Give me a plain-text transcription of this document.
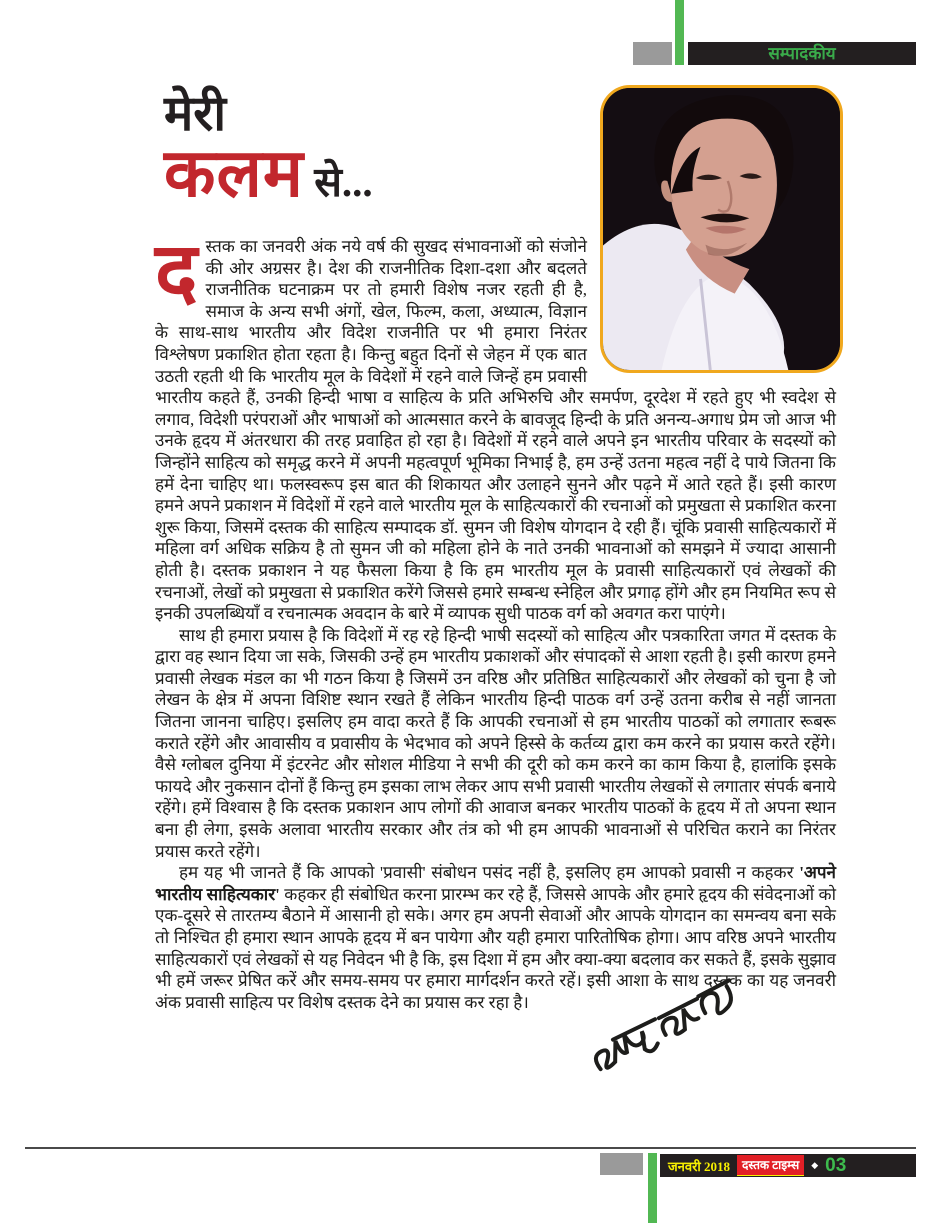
सम्पादकीय
मेरी
कलम से...

दस्तक का जनवरी अंक नये वर्ष की सुखद संभावनाओं को संजोने की ओर अग्रसर है। देश की राजनीतिक दिशा-दशा और बदलते राजनीतिक घटनाक्रम पर तो हमारी विशेष नजर रहती ही है, समाज के अन्य सभी अंगों, खेल, फिल्म, कला, अध्यात्म, विज्ञान के साथ-साथ भारतीय और विदेश राजनीति पर भी हमारा निरंतर विश्लेषण प्रकाशित होता रहता है। किन्तु बहुत दिनों से जेहन में एक बात उठती रहती थी कि भारतीय मूल के विदेशों में रहने वाले जिन्हें हम प्रवासी भारतीय कहते हैं, उनकी हिन्दी भाषा व साहित्य के प्रति अभिरुचि और समर्पण, दूरदेश में रहते हुए भी स्वदेश से लगाव, विदेशी परंपराओं और भाषाओं को आत्मसात करने के बावजूद हिन्दी के प्रति अनन्य-अगाध प्रेम जो आज भी उनके हृदय में अंतरधारा की तरह प्रवाहित हो रहा है। विदेशों में रहने वाले अपने इन भारतीय परिवार के सदस्यों को जिन्होंने साहित्य को समृद्ध करने में अपनी महत्वपूर्ण भूमिका निभाई है, हम उन्हें उतना महत्व नहीं दे पाये जितना कि हमें देना चाहिए था। फलस्वरूप इस बात की शिकायत और उलाहने सुनने और पढ़ने में आते रहते हैं। इसी कारण हमने अपने प्रकाशन में विदेशों में रहने वाले भारतीय मूल के साहित्यकारों की रचनाओं को प्रमुखता से प्रकाशित करना शुरू किया, जिसमें दस्तक की साहित्य सम्पादक डॉ. सुमन जी विशेष योगदान दे रही हैं। चूंकि प्रवासी साहित्यकारों में महिला वर्ग अधिक सक्रिय है तो सुमन जी को महिला होने के नाते उनकी भावनाओं को समझने में ज्यादा आसानी होती है। दस्तक प्रकाशन ने यह फैसला किया है कि हम भारतीय मूल के प्रवासी साहित्यकारों एवं लेखकों की रचनाओं, लेखों को प्रमुखता से प्रकाशित करेंगे जिससे हमारे सम्बन्ध स्नेहिल और प्रगाढ़ होंगे और हम नियमित रूप से इनकी उपलब्धियाँ व रचनात्मक अवदान के बारे में व्यापक सुधी पाठक वर्ग को अवगत करा पाएंगे।

साथ ही हमारा प्रयास है कि विदेशों में रह रहे हिन्दी भाषी सदस्यों को साहित्य और पत्रकारिता जगत में दस्तक के द्वारा वह स्थान दिया जा सके, जिसकी उन्हें हम भारतीय प्रकाशकों और संपादकों से आशा रहती है। इसी कारण हमने प्रवासी लेखक मंडल का भी गठन किया है जिसमें उन वरिष्ठ और प्रतिष्ठित साहित्यकारों और लेखकों को चुना है जो लेखन के क्षेत्र में अपना विशिष्ट स्थान रखते हैं लेकिन भारतीय हिन्दी पाठक वर्ग उन्हें उतना करीब से नहीं जानता जितना जानना चाहिए। इसलिए हम वादा करते हैं कि आपकी रचनाओं से हम भारतीय पाठकों को लगातार रूबरू कराते रहेंगे और आवासीय व प्रवासीय के भेदभाव को अपने हिस्से के कर्तव्य द्वारा कम करने का प्रयास करते रहेंगे। वैसे ग्लोबल दुनिया में इंटरनेट और सोशल मीडिया ने सभी की दूरी को कम करने का काम किया है, हालांकि इसके फायदे और नुकसान दोनों हैं किन्तु हम इसका लाभ लेकर आप सभी प्रवासी भारतीय लेखकों से लगातार संपर्क बनाये रहेंगे। हमें विश्वास है कि दस्तक प्रकाशन आप लोगों की आवाज बनकर भारतीय पाठकों के हृदय में तो अपना स्थान बना ही लेगा, इसके अलावा भारतीय सरकार और तंत्र को भी हम आपकी भावनाओं से परिचित कराने का निरंतर प्रयास करते रहेंगे।

हम यह भी जानते हैं कि आपको 'प्रवासी' संबोधन पसंद नहीं है, इसलिए हम आपको प्रवासी न कहकर 'अपने भारतीय साहित्यकार' कहकर ही संबोधित करना प्रारम्भ कर रहे हैं, जिससे आपके और हमारे हृदय की संवेदनाओं को एक-दूसरे से तारतम्य बैठाने में आसानी हो सके। अगर हम अपनी सेवाओं और आपके योगदान का समन्वय बना सके तो निश्चित ही हमारा स्थान आपके हृदय में बन पायेगा और यही हमारा पारितोषिक होगा। आप वरिष्ठ अपने भारतीय साहित्यकारों एवं लेखकों से यह निवेदन भी है कि, इस दिशा में हम और क्या-क्या बदलाव कर सकते हैं, इसके सुझाव भी हमें जरूर प्रेषित करें और समय-समय पर हमारा मार्गदर्शन करते रहें। इसी आशा के साथ दस्तक का यह जनवरी अंक प्रवासी साहित्य पर विशेष दस्तक देने का प्रयास कर रहा है।

जनवरी 2018	दस्तक टाइम्स	◆ 03
